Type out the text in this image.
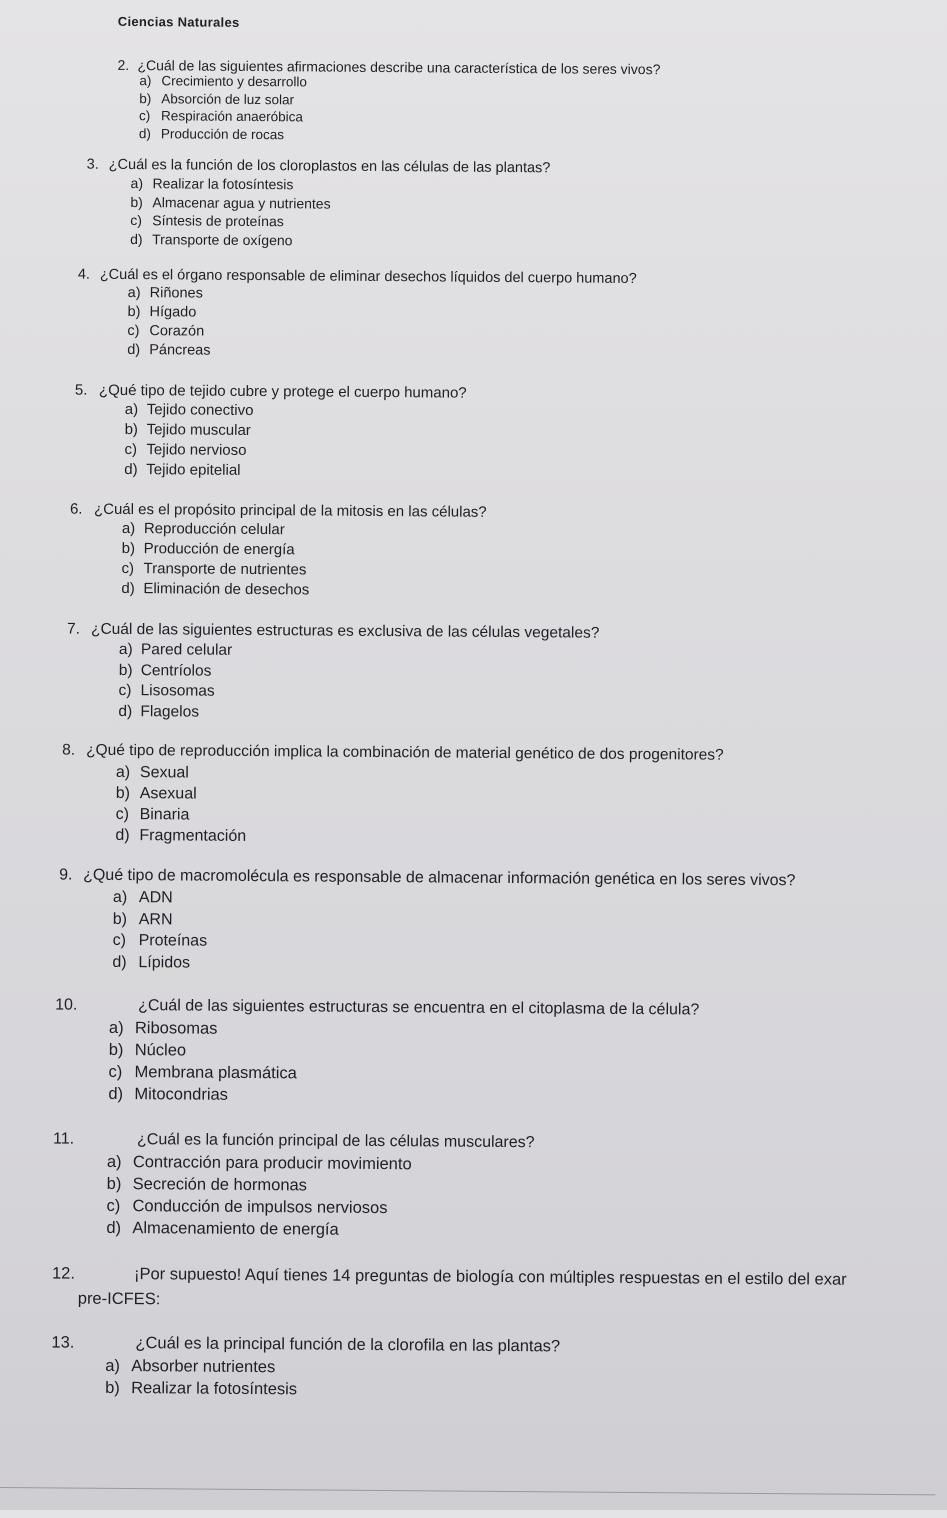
Ciencias Naturales
2. ¿Cuál de las siguientes afirmaciones describe una característica de los seres vivos?
a) Crecimiento y desarrollo
b) Absorción de luz solar
c) Respiración anaeróbica
d) Producción de rocas
3. ¿Cuál es la función de los cloroplastos en las células de las plantas?
a) Realizar la fotosíntesis
b) Almacenar agua y nutrientes
c) Síntesis de proteínas
d) Transporte de oxígeno
4. ¿Cuál es el órgano responsable de eliminar desechos líquidos del cuerpo humano?
a) Riñones
b) Hígado
c) Corazón
d) Páncreas
5. ¿Qué tipo de tejido cubre y protege el cuerpo humano?
a) Tejido conectivo
b) Tejido muscular
c) Tejido nervioso
d) Tejido epitelial
6. ¿Cuál es el propósito principal de la mitosis en las células?
a) Reproducción celular
b) Producción de energía
c) Transporte de nutrientes
d) Eliminación de desechos
7. ¿Cuál de las siguientes estructuras es exclusiva de las células vegetales?
a) Pared celular
b) Centríolos
c) Lisosomas
d) Flagelos
8. ¿Qué tipo de reproducción implica la combinación de material genético de dos progenitores?
a) Sexual
b) Asexual
c) Binaria
d) Fragmentación
9. ¿Qué tipo de macromolécula es responsable de almacenar información genética en los seres vivos?
a) ADN
b) ARN
c) Proteínas
d) Lípidos
10.	¿Cuál de las siguientes estructuras se encuentra en el citoplasma de la célula?
a) Ribosomas
b) Núcleo
c) Membrana plasmática
d) Mitocondrias
11.	¿Cuál es la función principal de las células musculares?
a) Contracción para producir movimiento
b) Secreción de hormonas
c) Conducción de impulsos nerviosos
d) Almacenamiento de energía
12.	¡Por supuesto! Aquí tienes 14 preguntas de biología con múltiples respuestas en el estilo del exar
pre-ICFES:
13.	¿Cuál es la principal función de la clorofila en las plantas?
a) Absorber nutrientes
b) Realizar la fotosíntesis
